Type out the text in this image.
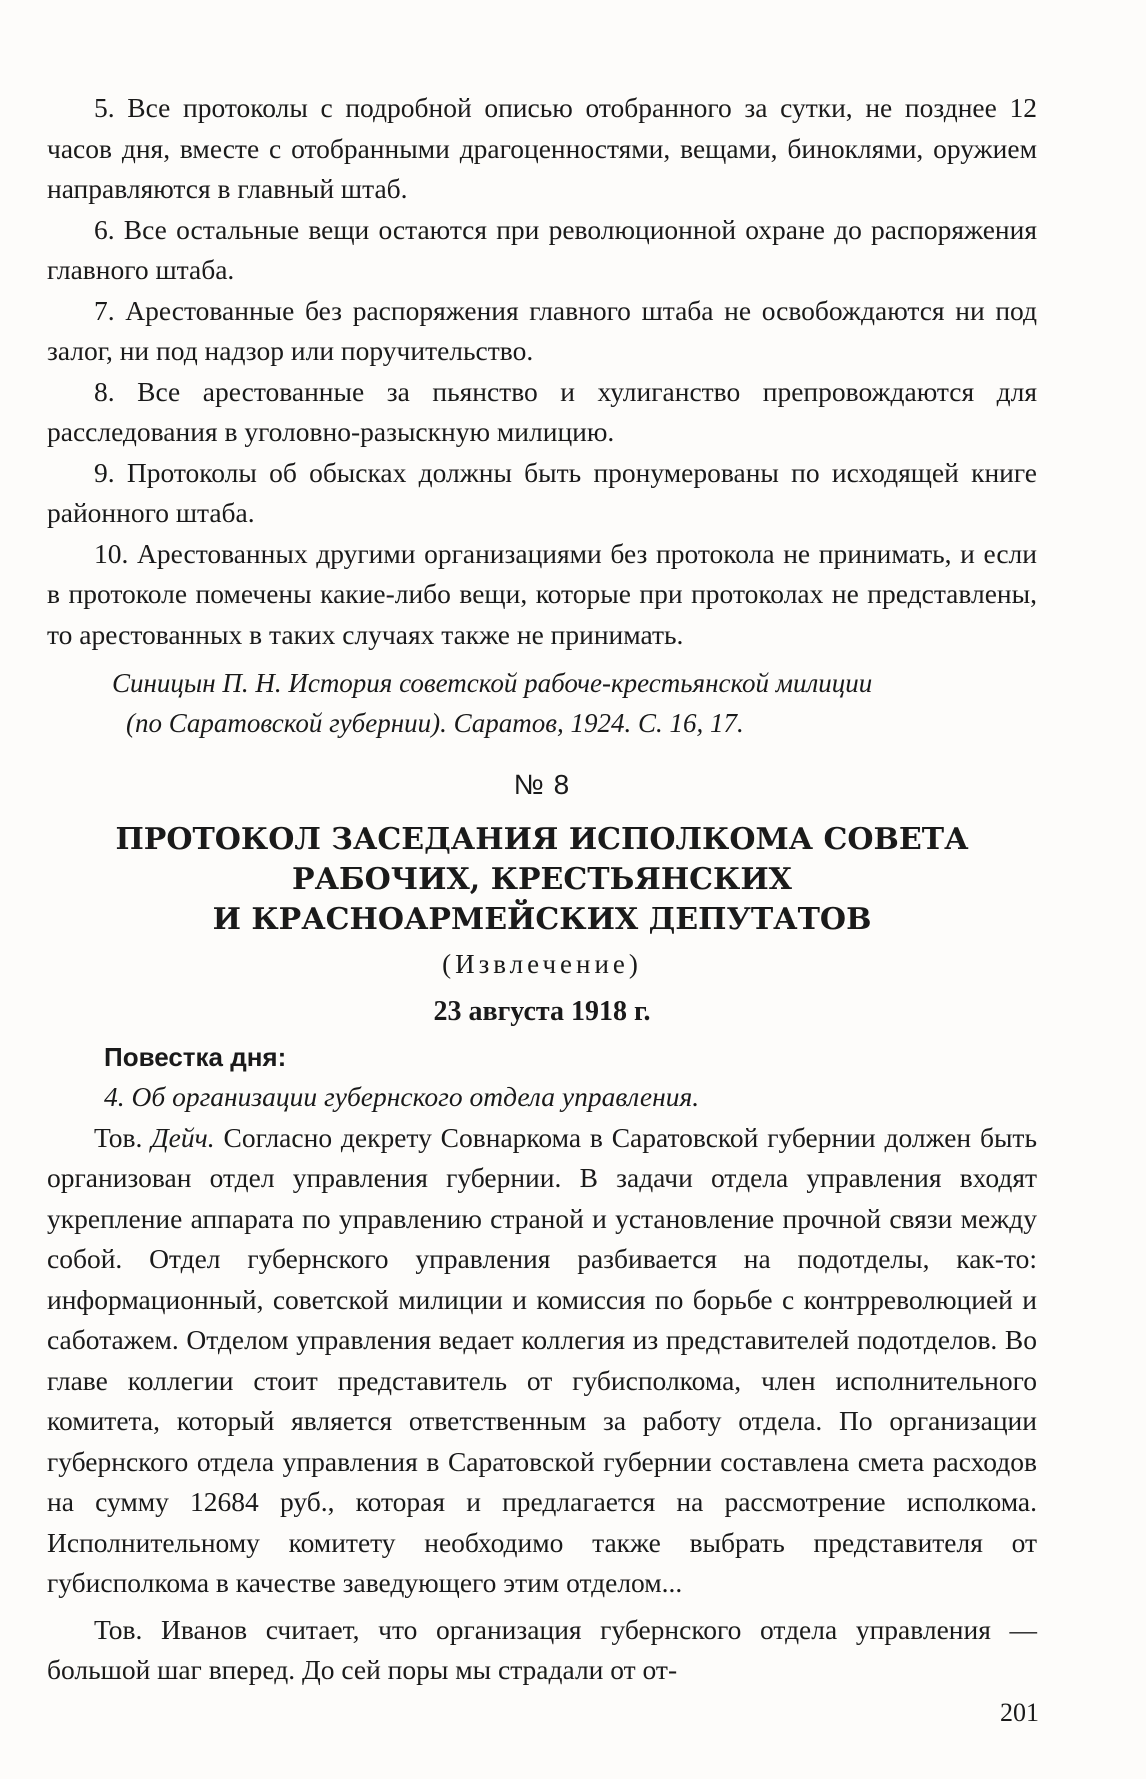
5. Все протоколы с подробной описью отобранного за сутки, не позднее 12 часов дня, вместе с отобранными драгоценностями, вещами, биноклями, оружием направляются в главный штаб.

6. Все остальные вещи остаются при революционной охране до распоряжения главного штаба.

7. Арестованные без распоряжения главного штаба не освобождаются ни под залог, ни под надзор или поручительство.

8. Все арестованные за пьянство и хулиганство препровождаются для расследования в уголовно-разыскную милицию.

9. Протоколы об обысках должны быть пронумерованы по исходящей книге районного штаба.

10. Арестованных другими организациями без протокола не принимать, и если в протоколе помечены какие-либо вещи, которые при протоколах не представлены, то арестованных в таких случаях также не принимать.

Синицын П. Н. История советской рабоче-крестьянской милиции
(по Саратовской губернии). Саратов, 1924. С. 16, 17.
№ 8
ПРОТОКОЛ ЗАСЕДАНИЯ ИСПОЛКОМА СОВЕТА
РАБОЧИХ, КРЕСТЬЯНСКИХ
И КРАСНОАРМЕЙСКИХ ДЕПУТАТОВ
(Извлечение)
23 августа 1918 г.
Повестка дня:
4. Об организации губернского отдела управления.

Тов. Дейч. Согласно декрету Совнаркома в Саратовской губернии должен быть организован отдел управления губернии. В задачи отдела управления входят укрепление аппарата по управлению страной и установление прочной связи между собой. Отдел губернского управления разбивается на подотделы, как-то: информационный, советской милиции и комиссия по борьбе с контрреволюцией и саботажем. Отделом управления ведает коллегия из представителей подотделов. Во главе коллегии стоит представитель от губисполкома, член исполнительного комитета, который является ответственным за работу отдела. По организации губернского отдела управления в Саратовской губернии составлена смета расходов на сумму 12684 руб., которая и предлагается на рассмотрение исполкома. Исполнительному комитету необходимо также выбрать представителя от губисполкома в качестве заведующего этим отделом...

Тов. Иванов считает, что организация губернского отдела управления — большой шаг вперед. До сей поры мы страдали от от-

201
